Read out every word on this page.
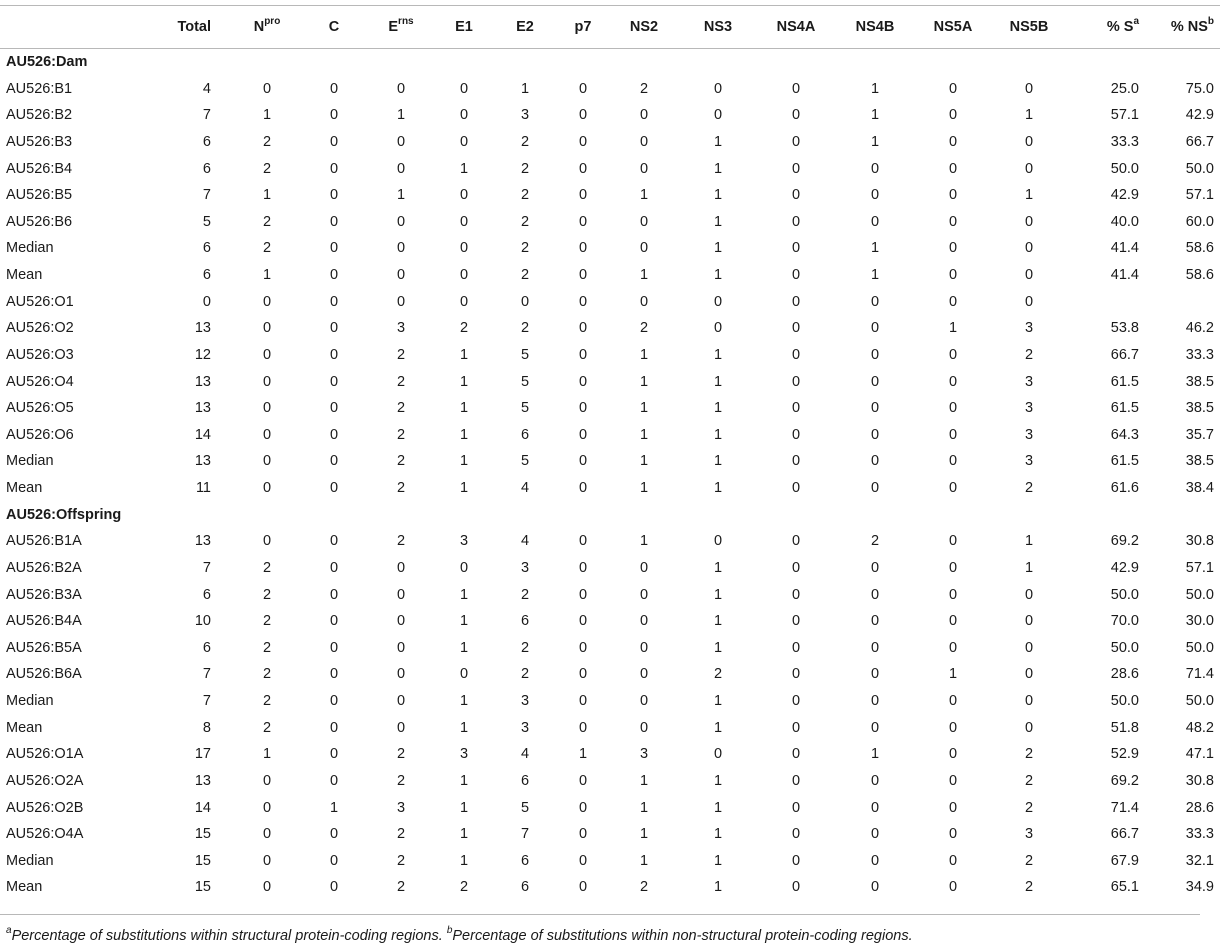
	Total	$N^{pro}$	C	$E^{rns}$	E1	E2	p7	NS2	NS3	NS4A	NS4B	NS5A	NS5B	% $S^a$	% $NS^b$
AU526:Dam															
AU526:B1	4	0	0	0	0	1	0	2	0	0	1	0	0	25.0	75.0
AU526:B2	7	1	0	1	0	3	0	0	0	0	1	0	1	57.1	42.9
AU526:B3	6	2	0	0	0	2	0	0	1	0	1	0	0	33.3	66.7
AU526:B4	6	2	0	0	1	2	0	0	1	0	0	0	0	50.0	50.0
AU526:B5	7	1	0	1	0	2	0	1	1	0	0	0	1	42.9	57.1
AU526:B6	5	2	0	0	0	2	0	0	1	0	0	0	0	40.0	60.0
Median	6	2	0	0	0	2	0	0	1	0	1	0	0	41.4	58.6
Mean	6	1	0	0	0	2	0	1	1	0	1	0	0	41.4	58.6
AU526:O1	0	0	0	0	0	0	0	0	0	0	0	0	0		
AU526:O2	13	0	0	3	2	2	0	2	0	0	0	1	3	53.8	46.2
AU526:O3	12	0	0	2	1	5	0	1	1	0	0	0	2	66.7	33.3
AU526:O4	13	0	0	2	1	5	0	1	1	0	0	0	3	61.5	38.5
AU526:O5	13	0	0	2	1	5	0	1	1	0	0	0	3	61.5	38.5
AU526:O6	14	0	0	2	1	6	0	1	1	0	0	0	3	64.3	35.7
Median	13	0	0	2	1	5	0	1	1	0	0	0	3	61.5	38.5
Mean	11	0	0	2	1	4	0	1	1	0	0	0	2	61.6	38.4
AU526:Offspring															
AU526:B1A	13	0	0	2	3	4	0	1	0	0	2	0	1	69.2	30.8
AU526:B2A	7	2	0	0	0	3	0	0	1	0	0	0	1	42.9	57.1
AU526:B3A	6	2	0	0	1	2	0	0	1	0	0	0	0	50.0	50.0
AU526:B4A	10	2	0	0	1	6	0	0	1	0	0	0	0	70.0	30.0
AU526:B5A	6	2	0	0	1	2	0	0	1	0	0	0	0	50.0	50.0
AU526:B6A	7	2	0	0	0	2	0	0	2	0	0	1	0	28.6	71.4
Median	7	2	0	0	1	3	0	0	1	0	0	0	0	50.0	50.0
Mean	8	2	0	0	1	3	0	0	1	0	0	0	0	51.8	48.2
AU526:O1A	17	1	0	2	3	4	1	3	0	0	1	0	2	52.9	47.1
AU526:O2A	13	0	0	2	1	6	0	1	1	0	0	0	2	69.2	30.8
AU526:O2B	14	0	1	3	1	5	0	1	1	0	0	0	2	71.4	28.6
AU526:O4A	15	0	0	2	1	7	0	1	1	0	0	0	3	66.7	33.3
Median	15	0	0	2	1	6	0	1	1	0	0	0	2	67.9	32.1
Mean	15	0	0	2	2	6	0	2	1	0	0	0	2	65.1	34.9
$^a$Percentage of substitutions within structural protein-coding regions. $^b$Percentage of substitutions within non-structural protein-coding regions.
